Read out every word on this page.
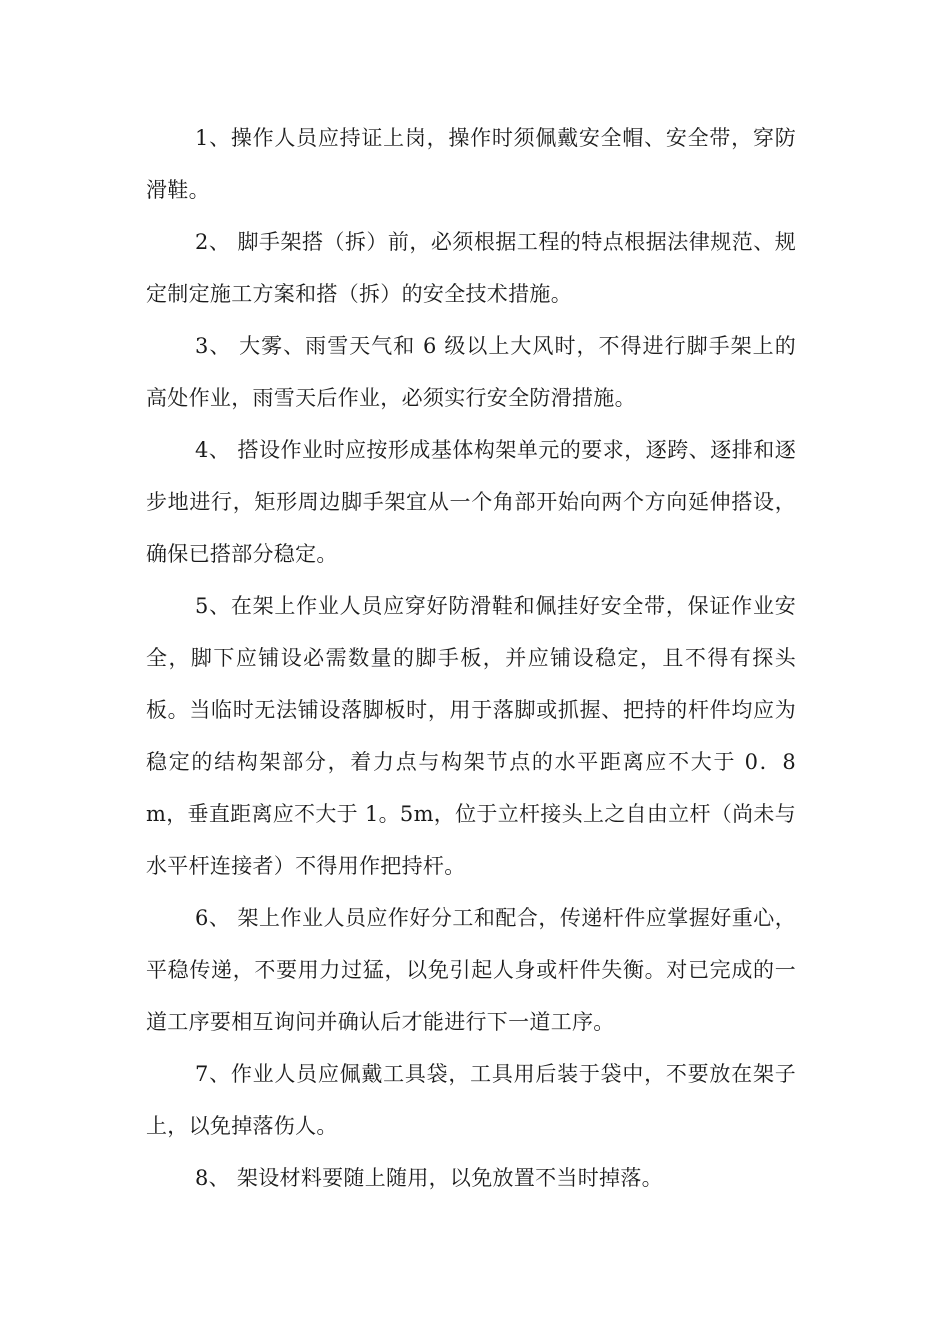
1、操作人员应持证上岗，操作时须佩戴安全帽、安全带，穿防滑鞋。

2、 脚手架搭（拆）前，必须根据工程的特点根据法律规范、规定制定施工方案和搭（拆）的安全技术措施。

3、 大雾、雨雪天气和 6 级以上大风时，不得进行脚手架上的高处作业，雨雪天后作业，必须实行安全防滑措施。

4、 搭设作业时应按形成基体构架单元的要求，逐跨、逐排和逐步地进行，矩形周边脚手架宜从一个角部开始向两个方向延伸搭设，确保已搭部分稳定。

5、在架上作业人员应穿好防滑鞋和佩挂好安全带，保证作业安全，脚下应铺设必需数量的脚手板，并应铺设稳定，且不得有探头板。当临时无法铺设落脚板时，用于落脚或抓握、把持的杆件均应为稳定的结构架部分，着力点与构架节点的水平距离应不大于 0．8m，垂直距离应不大于 1。5m，位于立杆接头上之自由立杆（尚未与水平杆连接者）不得用作把持杆。

6、 架上作业人员应作好分工和配合，传递杆件应掌握好重心，平稳传递，不要用力过猛，以免引起人身或杆件失衡。对已完成的一道工序要相互询问并确认后才能进行下一道工序。

7、作业人员应佩戴工具袋，工具用后装于袋中，不要放在架子上，以免掉落伤人。

8、 架设材料要随上随用，以免放置不当时掉落。
